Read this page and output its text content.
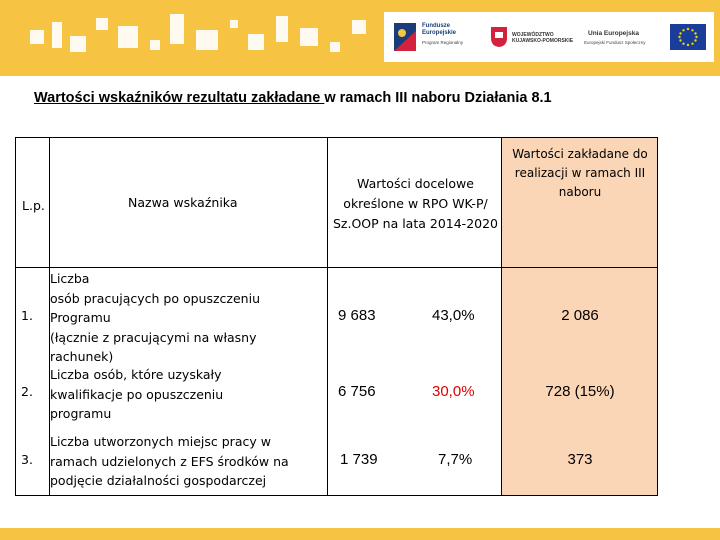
Fundusze
Europejskie
Program Regionalny
WOJEWÓDZTWO
KUJAWSKO-POMORSKIE
Unia Europejska
Europejski Fundusz Społeczny
Wartości wskaźników rezultatu zakładane w ramach III naboru Działania 8.1
L.p.	Nazwa wskaźnika
Wartości docelowe
określone w RPO WK-P/
Sz.OOP na lata 2014-2020
Wartości zakładane do
realizacji w ramach III
naboru
1.
Liczba
osób pracujących po opuszczeniu
Programu
(łącznie z pracującymi na własny
rachunek)
9 683	43,0%	2 086
2.
Liczba osób, które uzyskały
kwalifikacje po opuszczeniu
programu
6 756	30,0%	728 (15%)
3.
Liczba utworzonych miejsc pracy w
ramach udzielonych z EFS środków na
podjęcie działalności gospodarczej
1 739	7,7%	373
